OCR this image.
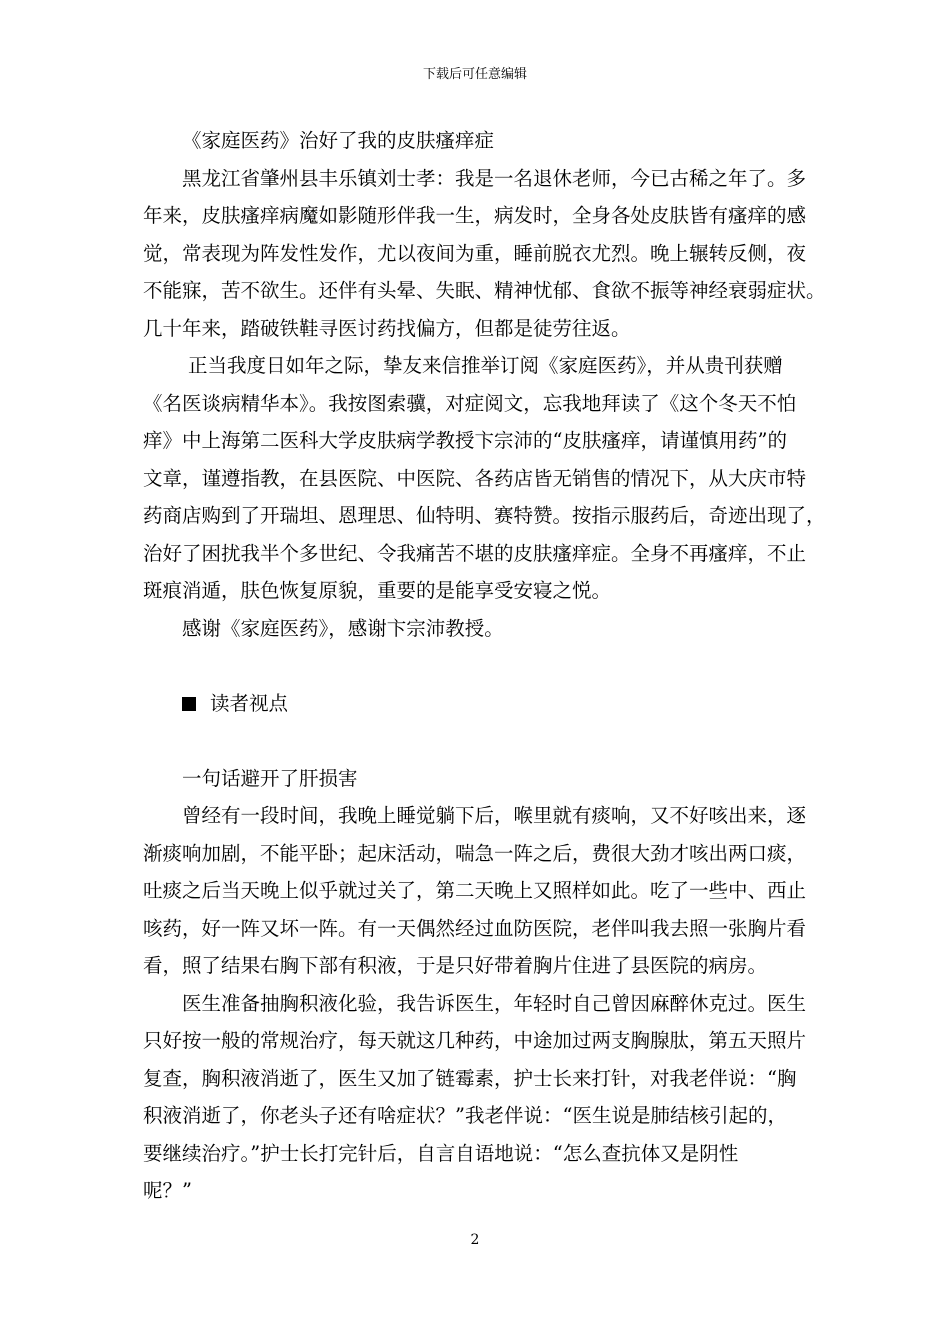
下载后可任意编辑
《家庭医药》治好了我的皮肤瘙痒症
黑龙江省肇州县丰乐镇刘士孝：我是一名退休老师，今已古稀之年了。多
年来，皮肤瘙痒病魔如影随形伴我一生，病发时，全身各处皮肤皆有瘙痒的感
觉，常表现为阵发性发作，尤以夜间为重，睡前脱衣尤烈。晚上辗转反侧，夜
不能寐，苦不欲生。还伴有头晕、失眠、精神忧郁、食欲不振等神经衰弱症状。
几十年来，踏破铁鞋寻医讨药找偏方，但都是徒劳往返。
正当我度日如年之际，挚友来信推举订阅《家庭医药》，并从贵刊获赠
《名医谈病精华本》。我按图索骥，对症阅文，忘我地拜读了《这个冬天不怕
痒》中上海第二医科大学皮肤病学教授卞宗沛的“皮肤瘙痒，请谨慎用药”的
文章，谨遵指教，在县医院、中医院、各药店皆无销售的情况下，从大庆市特
药商店购到了开瑞坦、恩理思、仙特明、赛特赞。按指示服药后，奇迹出现了，
治好了困扰我半个多世纪、令我痛苦不堪的皮肤瘙痒症。全身不再瘙痒，不止
斑痕消遁，肤色恢复原貌，重要的是能享受安寝之悦。
感谢《家庭医药》，感谢卞宗沛教授。
读者视点
一句话避开了肝损害
曾经有一段时间，我晚上睡觉躺下后，喉里就有痰响，又不好咳出来，逐
渐痰响加剧，不能平卧；起床活动，喘急一阵之后，费很大劲才咳出两口痰，
吐痰之后当天晚上似乎就过关了，第二天晚上又照样如此。吃了一些中、西止
咳药，好一阵又坏一阵。有一天偶然经过血防医院，老伴叫我去照一张胸片看
看，照了结果右胸下部有积液，于是只好带着胸片住进了县医院的病房。
医生准备抽胸积液化验，我告诉医生，年轻时自己曾因麻醉休克过。医生
只好按一般的常规治疗，每天就这几种药，中途加过两支胸腺肽，第五天照片
复查，胸积液消逝了，医生又加了链霉素，护士长来打针，对我老伴说：“胸
积液消逝了，你老头子还有啥症状？”我老伴说：“医生说是肺结核引起的，
要继续治疗。”护士长打完针后，自言自语地说：“怎么查抗体又是阴性
呢？”
2
